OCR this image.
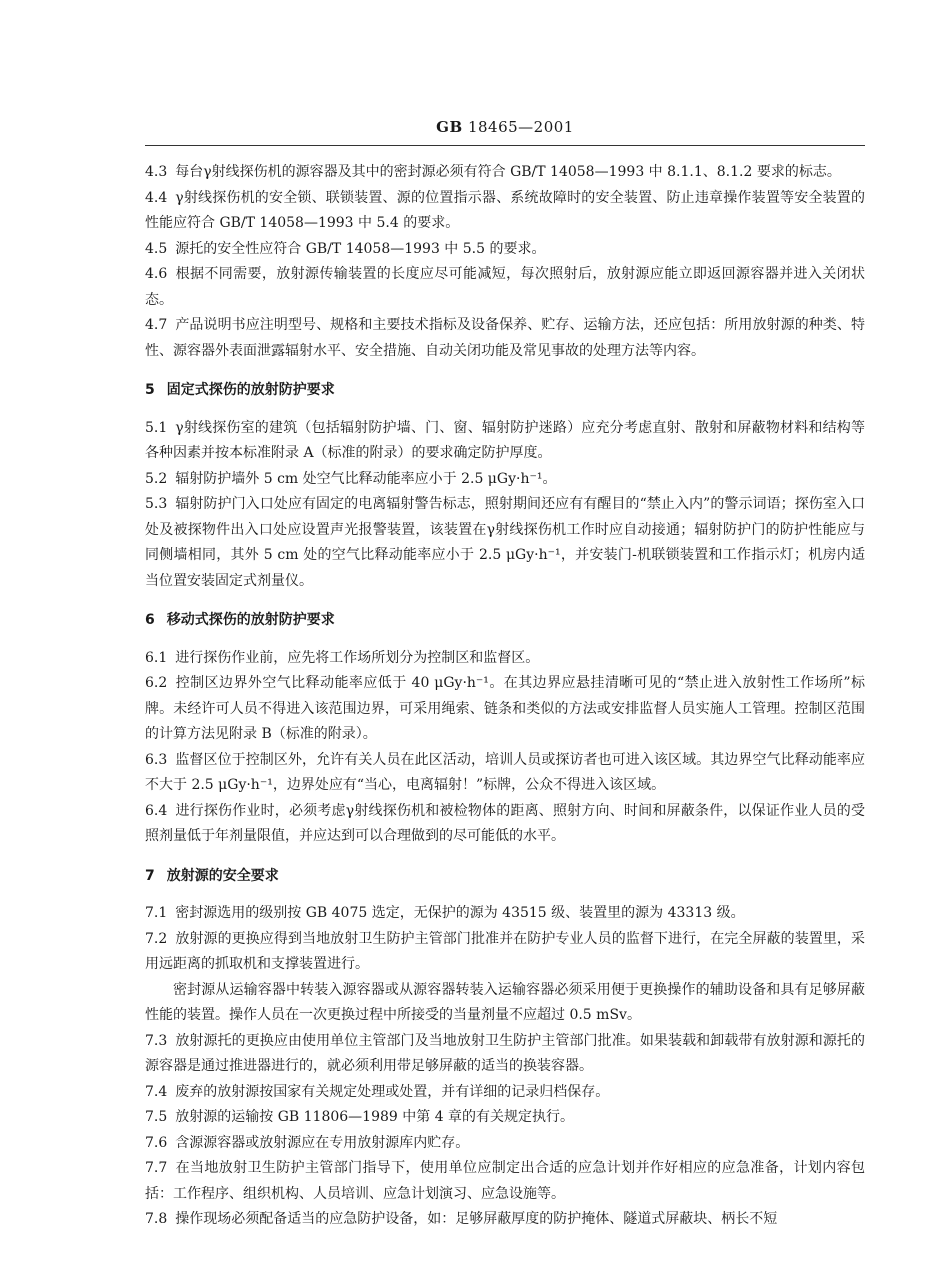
GB 18465—2001

4.3 每台γ射线探伤机的源容器及其中的密封源必须有符合 GB/T 14058—1993 中 8.1.1、8.1.2 要求的标志。

4.4 γ射线探伤机的安全锁、联锁装置、源的位置指示器、系统故障时的安全装置、防止违章操作装置等安全装置的性能应符合 GB/T 14058—1993 中 5.4 的要求。

4.5 源托的安全性应符合 GB/T 14058—1993 中 5.5 的要求。

4.6 根据不同需要，放射源传输装置的长度应尽可能减短，每次照射后，放射源应能立即返回源容器并进入关闭状态。

4.7 产品说明书应注明型号、规格和主要技术指标及设备保养、贮存、运输方法，还应包括：所用放射源的种类、特性、源容器外表面泄露辐射水平、安全措施、自动关闭功能及常见事故的处理方法等内容。

5 固定式探伤的放射防护要求

5.1 γ射线探伤室的建筑（包括辐射防护墙、门、窗、辐射防护迷路）应充分考虑直射、散射和屏蔽物材料和结构等各种因素并按本标准附录 A（标准的附录）的要求确定防护厚度。

5.2 辐射防护墙外 5 cm 处空气比释动能率应小于 2.5 μGy·h⁻¹。

5.3 辐射防护门入口处应有固定的电离辐射警告标志，照射期间还应有有醒目的“禁止入内”的警示词语；探伤室入口处及被探物件出入口处应设置声光报警装置，该装置在γ射线探伤机工作时应自动接通；辐射防护门的防护性能应与同侧墙相同，其外 5 cm 处的空气比释动能率应小于 2.5 μGy·h⁻¹，并安装门-机联锁装置和工作指示灯；机房内适当位置安装固定式剂量仪。

6 移动式探伤的放射防护要求

6.1 进行探伤作业前，应先将工作场所划分为控制区和监督区。

6.2 控制区边界外空气比释动能率应低于 40 μGy·h⁻¹。在其边界应悬挂清晰可见的“禁止进入放射性工作场所”标牌。未经许可人员不得进入该范围边界，可采用绳索、链条和类似的方法或安排监督人员实施人工管理。控制区范围的计算方法见附录 B（标准的附录）。

6.3 监督区位于控制区外，允许有关人员在此区活动，培训人员或探访者也可进入该区域。其边界空气比释动能率应不大于 2.5 μGy·h⁻¹，边界处应有“当心，电离辐射！”标牌，公众不得进入该区域。

6.4 进行探伤作业时，必须考虑γ射线探伤机和被检物体的距离、照射方向、时间和屏蔽条件，以保证作业人员的受照剂量低于年剂量限值，并应达到可以合理做到的尽可能低的水平。

7 放射源的安全要求

7.1 密封源选用的级别按 GB 4075 选定，无保护的源为 43515 级、装置里的源为 43313 级。

7.2 放射源的更换应得到当地放射卫生防护主管部门批准并在防护专业人员的监督下进行，在完全屏蔽的装置里，采用远距离的抓取机和支撑装置进行。

密封源从运输容器中转装入源容器或从源容器转装入运输容器必须采用便于更换操作的辅助设备和具有足够屏蔽性能的装置。操作人员在一次更换过程中所接受的当量剂量不应超过 0.5 mSv。

7.3 放射源托的更换应由使用单位主管部门及当地放射卫生防护主管部门批准。如果装载和卸载带有放射源和源托的源容器是通过推进器进行的，就必须利用带足够屏蔽的适当的换装容器。

7.4 废弃的放射源按国家有关规定处理或处置，并有详细的记录归档保存。

7.5 放射源的运输按 GB 11806—1989 中第 4 章的有关规定执行。

7.6 含源源容器或放射源应在专用放射源库内贮存。

7.7 在当地放射卫生防护主管部门指导下，使用单位应制定出合适的应急计划并作好相应的应急准备，计划内容包括：工作程序、组织机构、人员培训、应急计划演习、应急设施等。

7.8 操作现场必须配备适当的应急防护设备，如：足够屏蔽厚度的防护掩体、隧道式屏蔽块、柄长不短
